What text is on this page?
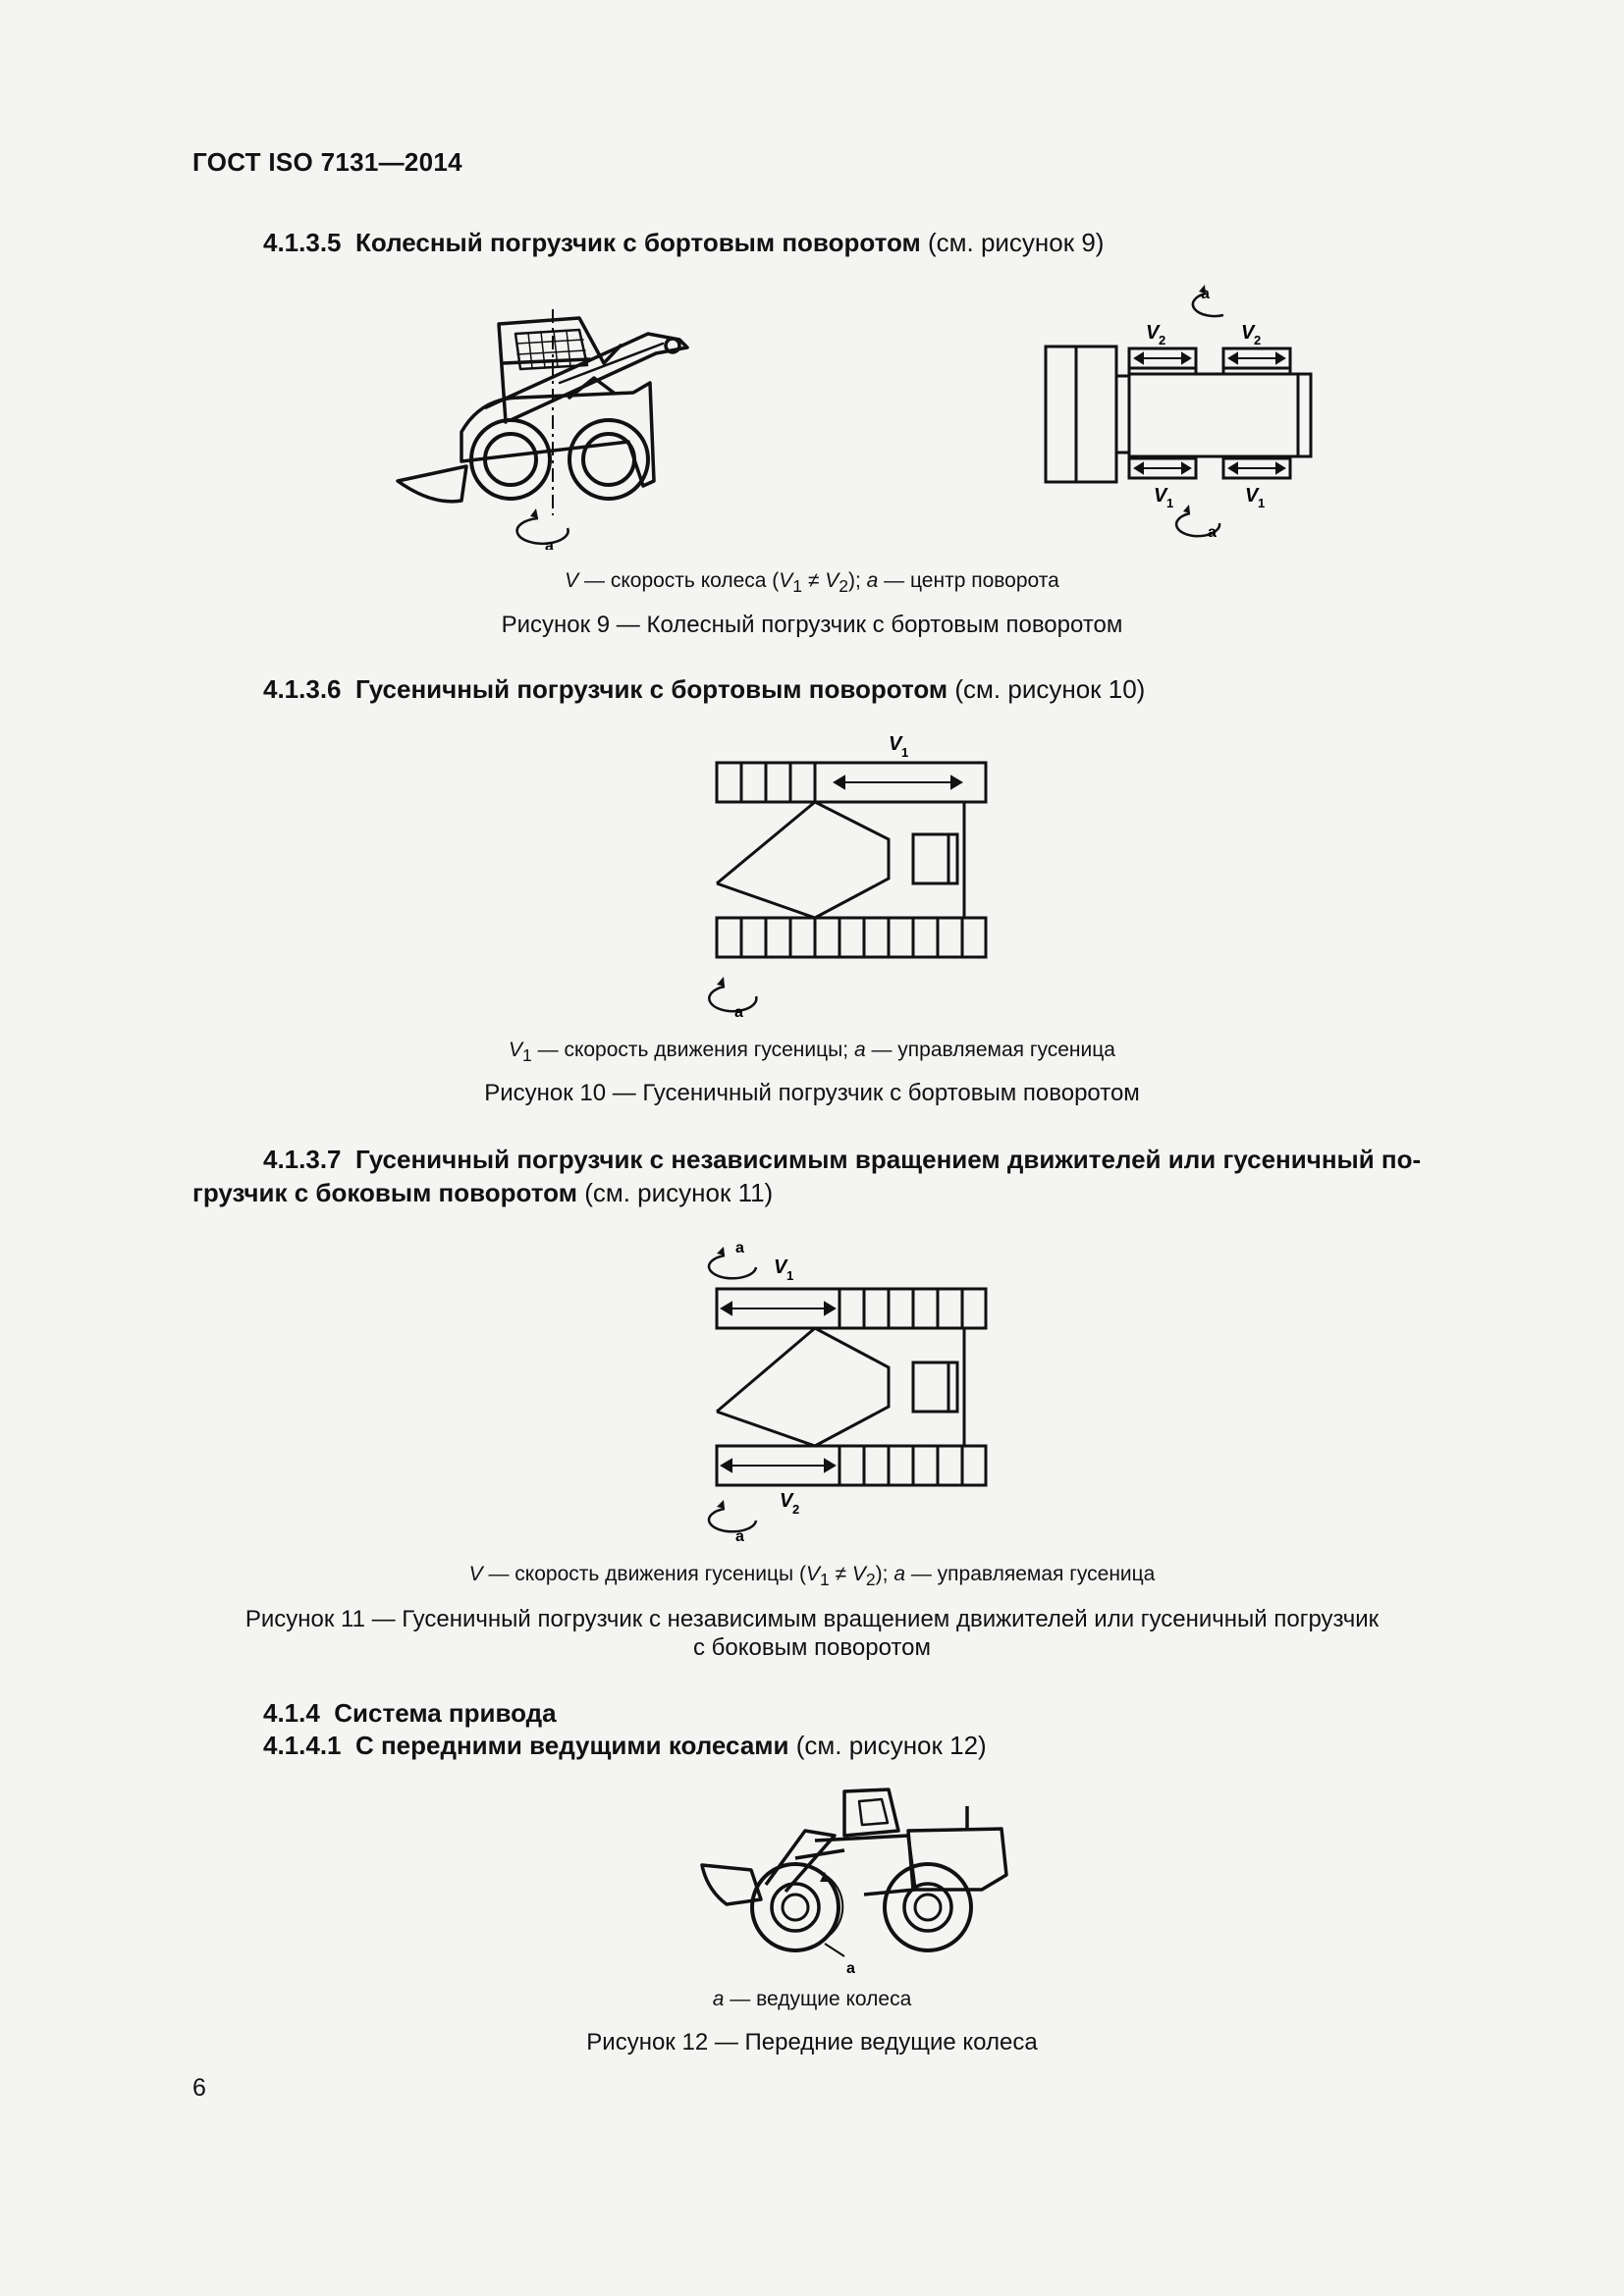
ГОСТ ISO 7131—2014
4.1.3.5 Колесный погрузчик с бортовым поворотом (см. рисунок 9)
a
a
V 2	V 2
V 1	V 1
a
V — скорость колеса $(V_1 \ne V_2)$; a — центр поворота
Рисунок 9 — Колесный погрузчик с бортовым поворотом
4.1.3.6 Гусеничный погрузчик с бортовым поворотом (см. рисунок 10)
V 1
a
$V_1$ — скорость движения гусеницы; a — управляемая гусеница
Рисунок 10 — Гусеничный погрузчик с бортовым поворотом
4.1.3.7 Гусеничный погрузчик с независимым вращением движителей или гусеничный по-
грузчик с боковым поворотом (см. рисунок 11)
a
V 1
a
V 2
V — скорость движения гусеницы $(V_1 \ne V_2)$; a — управляемая гусеница
Рисунок 11 — Гусеничный погрузчик с независимым вращением движителей или гусеничный погрузчик
с боковым поворотом
4.1.4 Система привода
4.1.4.1 С передними ведущими колесами (см. рисунок 12)
a
a — ведущие колеса
Рисунок 12 — Передние ведущие колеса
6
